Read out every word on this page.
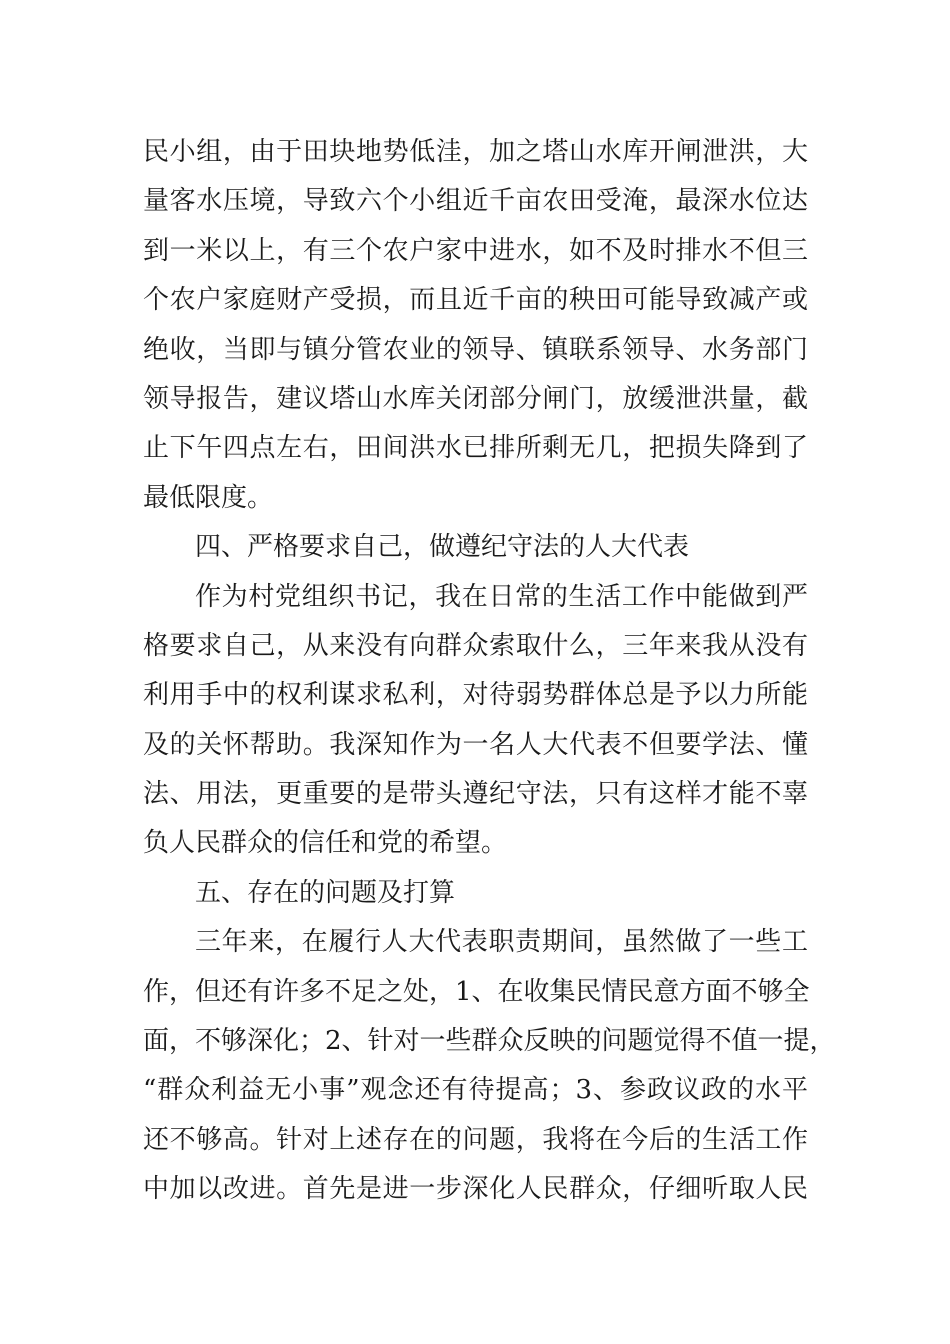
民小组，由于田块地势低洼，加之塔山水库开闸泄洪，大
量客水压境，导致六个小组近千亩农田受淹，最深水位达
到一米以上，有三个农户家中进水，如不及时排水不但三
个农户家庭财产受损，而且近千亩的秧田可能导致减产或
绝收，当即与镇分管农业的领导、镇联系领导、水务部门
领导报告，建议塔山水库关闭部分闸门，放缓泄洪量，截
止下午四点左右，田间洪水已排所剩无几，把损失降到了
最低限度。
四、严格要求自己，做遵纪守法的人大代表
作为村党组织书记，我在日常的生活工作中能做到严
格要求自己，从来没有向群众索取什么，三年来我从没有
利用手中的权利谋求私利，对待弱势群体总是予以力所能
及的关怀帮助。我深知作为一名人大代表不但要学法、懂
法、用法，更重要的是带头遵纪守法，只有这样才能不辜
负人民群众的信任和党的希望。
五、存在的问题及打算
三年来，在履行人大代表职责期间，虽然做了一些工
作，但还有许多不足之处，1、在收集民情民意方面不够全
面，不够深化；2、针对一些群众反映的问题觉得不值一提，
“群众利益无小事”观念还有待提高；3、参政议政的水平
还不够高。针对上述存在的问题，我将在今后的生活工作
中加以改进。首先是进一步深化人民群众，仔细听取人民
